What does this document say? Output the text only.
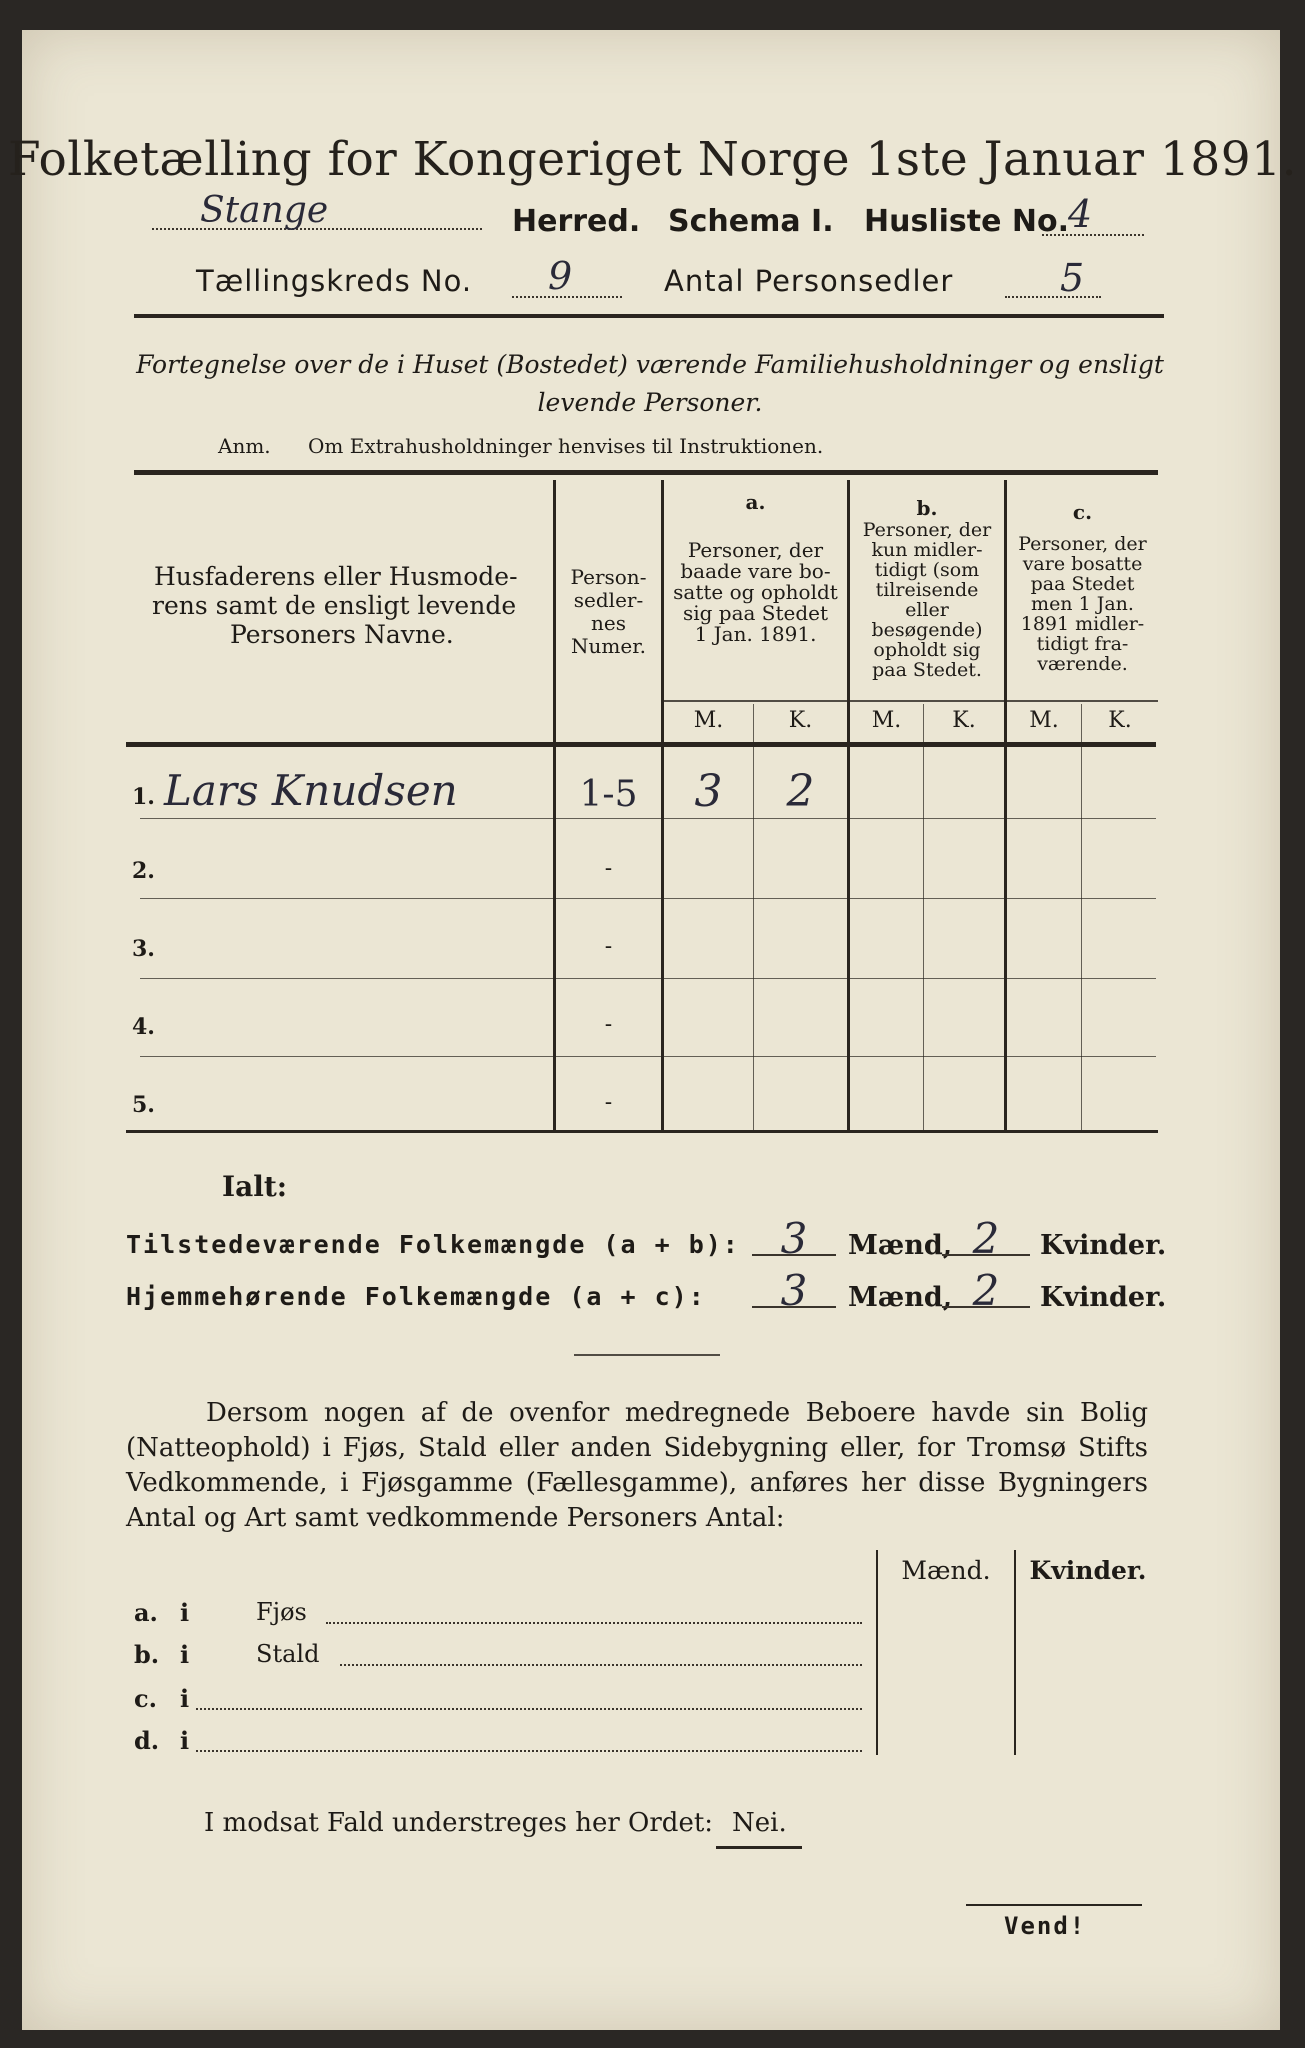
Folketælling for Kongeriget Norge 1ste Januar 1891.
Stange	Herred. Schema I. Husliste No. 4
Tællingskreds No. 9	Antal Personsedler	5
Fortegnelse over de i Huset (Bostedet) værende Familiehusholdninger og ensligt
levende Personer.
Anm. Om Extrahusholdninger henvises til Instruktionen.
Husfaderens eller Husmode-
rens samt de ensligt levende
Personers Navne.
Person-
sedler-
nes
Numer.
a.
Personer, der
baade vare bo-
satte og opholdt
sig paa Stedet
1 Jan. 1891.
b.
Personer, der
kun midler-
tidigt (som
tilreisende
eller
besøgende)
opholdt sig
paa Stedet.
c.
Personer, der
vare bosatte
paa Stedet
men 1 Jan.
1891 midler-
tidigt fra-
værende.
M.	K.	M.	K.	M.	K.
1. Lars Knudsen	1-5	3	2
2.	-
3.	-
4.	-
5.	-
Ialt:
Tilstedeværende Folkemængde (a + b): 3	Mænd, 2	Kvinder.
Hjemmehørende Folkemængde (a + c):	3	Mænd, 2	Kvinder.
Dersom nogen af de ovenfor medregnede Beboere havde sin Bolig (Natteophold) i Fjøs, Stald eller anden Sidebygning eller, for Tromsø Stifts Vedkommende, i Fjøsgamme (Fællesgamme), anføres her disse Bygningers Antal og Art samt vedkommende Personers Antal:
Mænd.	Kvinder.
a. i	Fjøs
b. i	Stald
c. i
d. i
I modsat Fald understreges her Ordet: Nei.
Vend!
